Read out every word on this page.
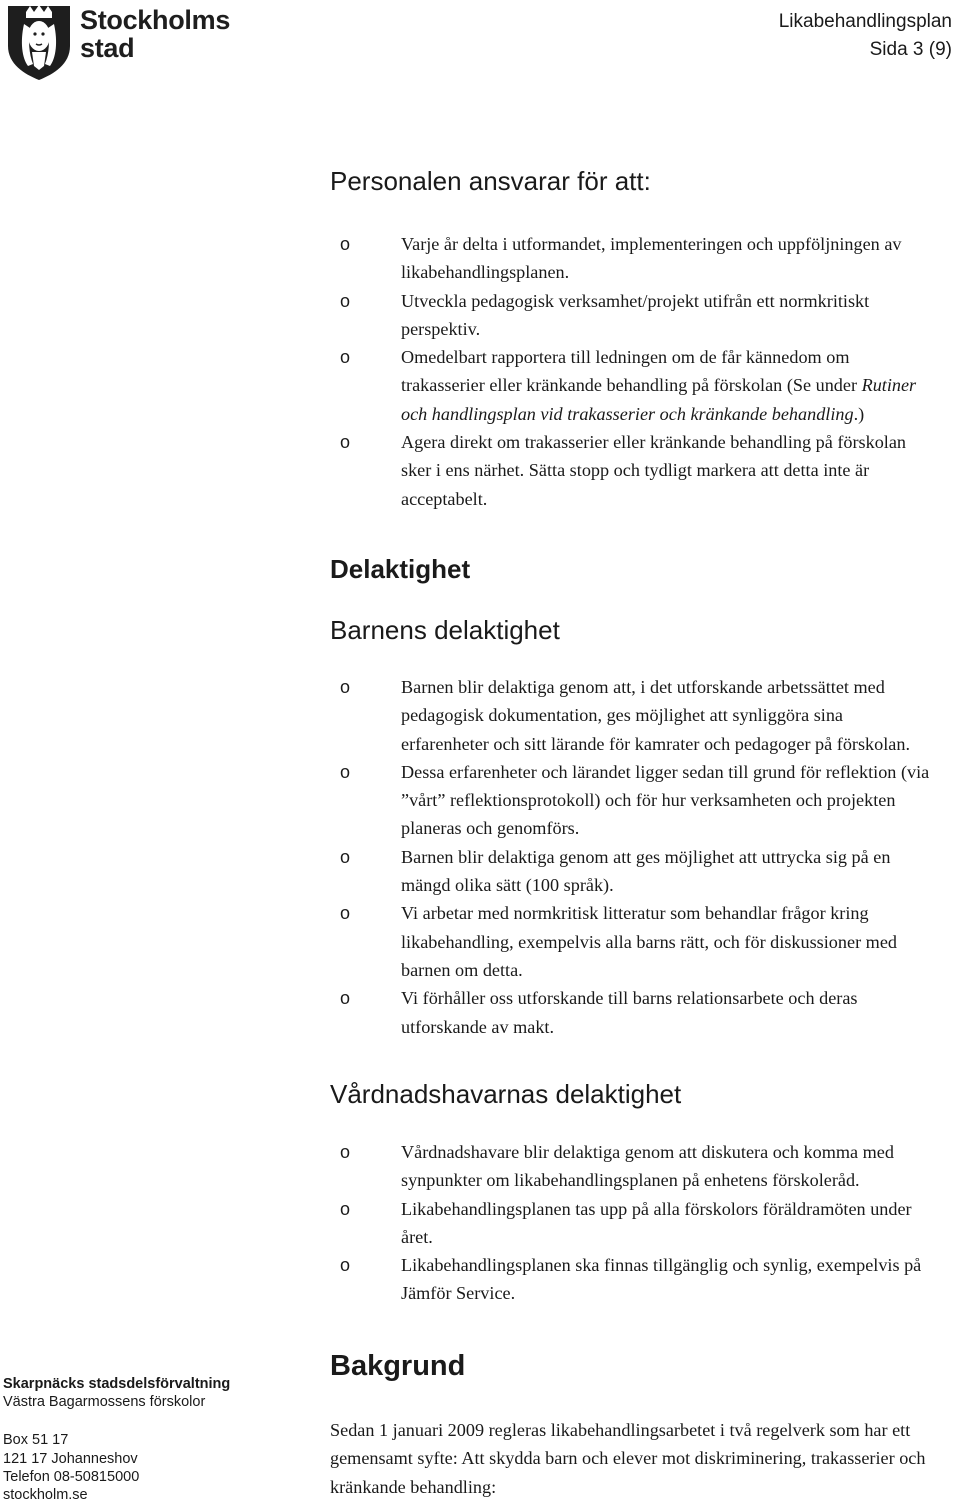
Stockholms
stad
Likabehandlingsplan
Sida 3 (9)
Personalen ansvarar för att:
o Varje år delta i utformandet, implementeringen och uppföljningen av likabehandlingsplanen.
o Utveckla pedagogisk verksamhet/projekt utifrån ett normkritiskt perspektiv.
o Omedelbart rapportera till ledningen om de får kännedom om trakasserier eller kränkande behandling på förskolan (Se under Rutiner och handlingsplan vid trakasserier och kränkande behandling.)
o Agera direkt om trakasserier eller kränkande behandling på förskolan sker i ens närhet. Sätta stopp och tydligt markera att detta inte är acceptabelt.
Delaktighet
Barnens delaktighet
o Barnen blir delaktiga genom att, i det utforskande arbetssättet med pedagogisk dokumentation, ges möjlighet att synliggöra sina erfarenheter och sitt lärande för kamrater och pedagoger på förskolan.
o Dessa erfarenheter och lärandet ligger sedan till grund för reflektion (via ”vårt” reflektionsprotokoll) och för hur verksamheten och projekten planeras och genomförs.
o Barnen blir delaktiga genom att ges möjlighet att uttrycka sig på en mängd olika sätt (100 språk).
o Vi arbetar med normkritisk litteratur som behandlar frågor kring likabehandling, exempelvis alla barns rätt, och för diskussioner med barnen om detta.
o Vi förhåller oss utforskande till barns relationsarbete och deras utforskande av makt.
Vårdnadshavarnas delaktighet
o Vårdnadshavare blir delaktiga genom att diskutera och komma med synpunkter om likabehandlingsplanen på enhetens förskoleråd.
o Likabehandlingsplanen tas upp på alla förskolors föräldramöten under året.
o Likabehandlingsplanen ska finnas tillgänglig och synlig, exempelvis på Jämför Service.
Bakgrund

Sedan 1 januari 2009 regleras likabehandlingsarbetet i två regelverk som har ett gemensamt syfte: Att skydda barn och elever mot diskriminering, trakasserier och kränkande behandling:

Skarpnäcks stadsdelsförvaltning
Västra Bagarmossens förskolor
Box 51 17
121 17 Johanneshov
Telefon 08-50815000
stockholm.se
